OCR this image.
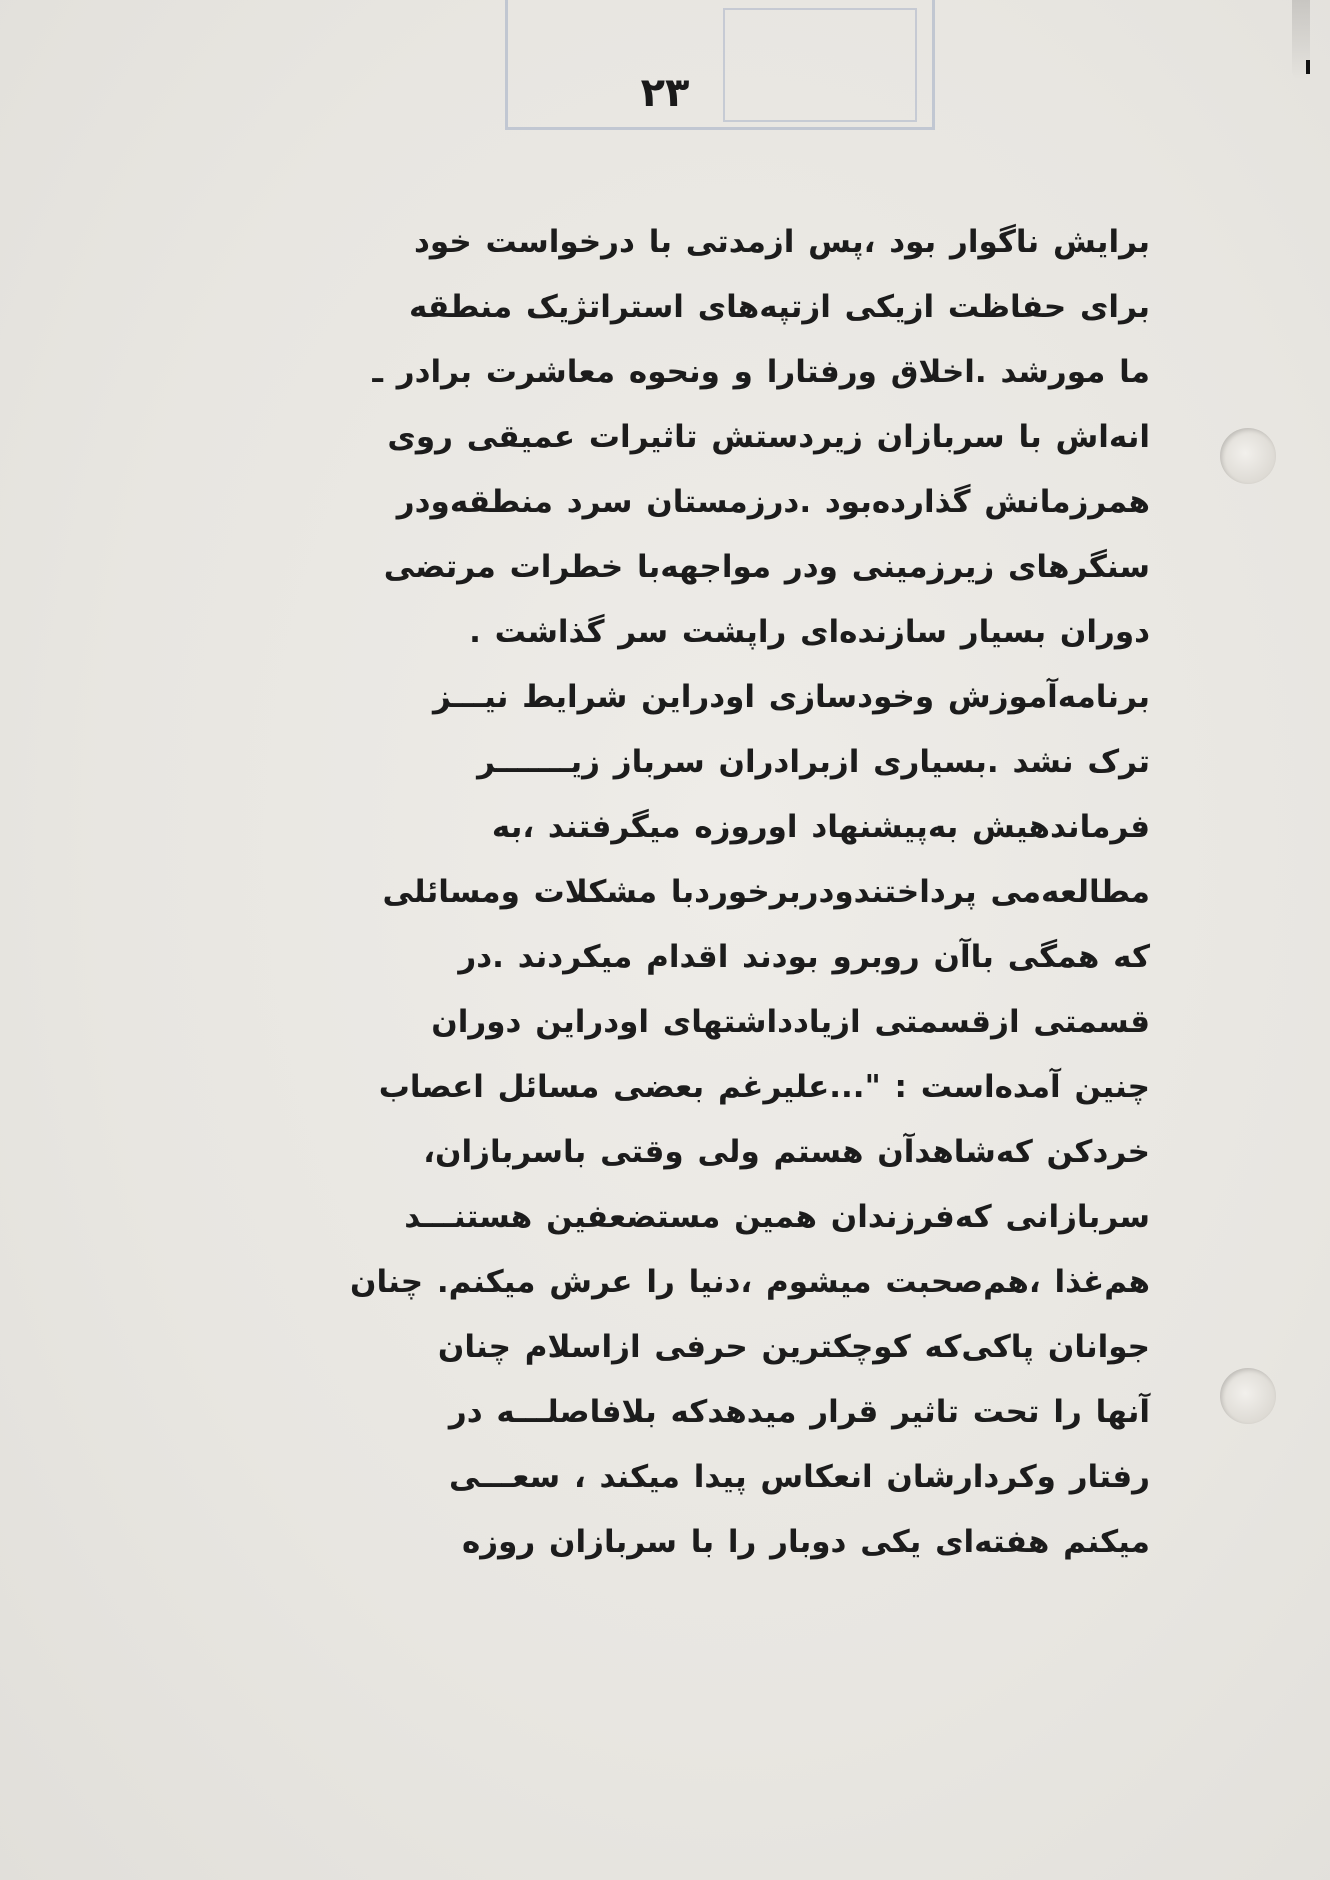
۲۳
برایش ناگوار بود ،پس ازمدتی با درخواست خود
برای حفاظت ازیکی ازتپه‌های استراتژیک منطقه
ما مورشد .اخلاق ورفتارا و ونحوه معاشرت برادر ـ
انه‌اش با سربازان زیردستش تاثیرات عمیقی روی
همرزمانش گذارده‌بود .درزمستان سرد منطقه‌ودر
سنگرهای زیرزمینی ودر مواجهه‌با خطرات مرتضی
دوران بسیار سازنده‌ای راپشت سر گذاشت .
برنامه‌آموزش وخودسازی اودراین شرایط نیـــز
ترک نشد .بسیاری ازبرادران سرباز زیـــــــر
فرماندهیش به‌پیشنهاد اوروزه میگرفتند ،به
مطالعه‌می پرداختندودربرخوردبا مشکلات ومسائلی
که همگی باآن روبرو بودند اقدام میکردند .در
قسمتی ازقسمتی ازیادداشتهای اودراین دوران
چنین آمده‌است : "...علیرغم بعضی مسائل اعصاب
خردکن که‌شاهدآن هستم ولی وقتی باسربازان،
سربازانی که‌فرزندان همین مستضعفین هستنـــد
هم‌غذا ،هم‌صحبت میشوم ،دنیا را عرش میکنم. چنان
جوانان پاکی‌که کوچکترین حرفی ازاسلام چنان
آنها را تحت تاثیر قرار میدهدکه بلافاصلـــه در
رفتار وکردارشان انعکاس پیدا میکند ، سعـــی
میکنم هفته‌ای یکی دوبار را با سربازان روزه
